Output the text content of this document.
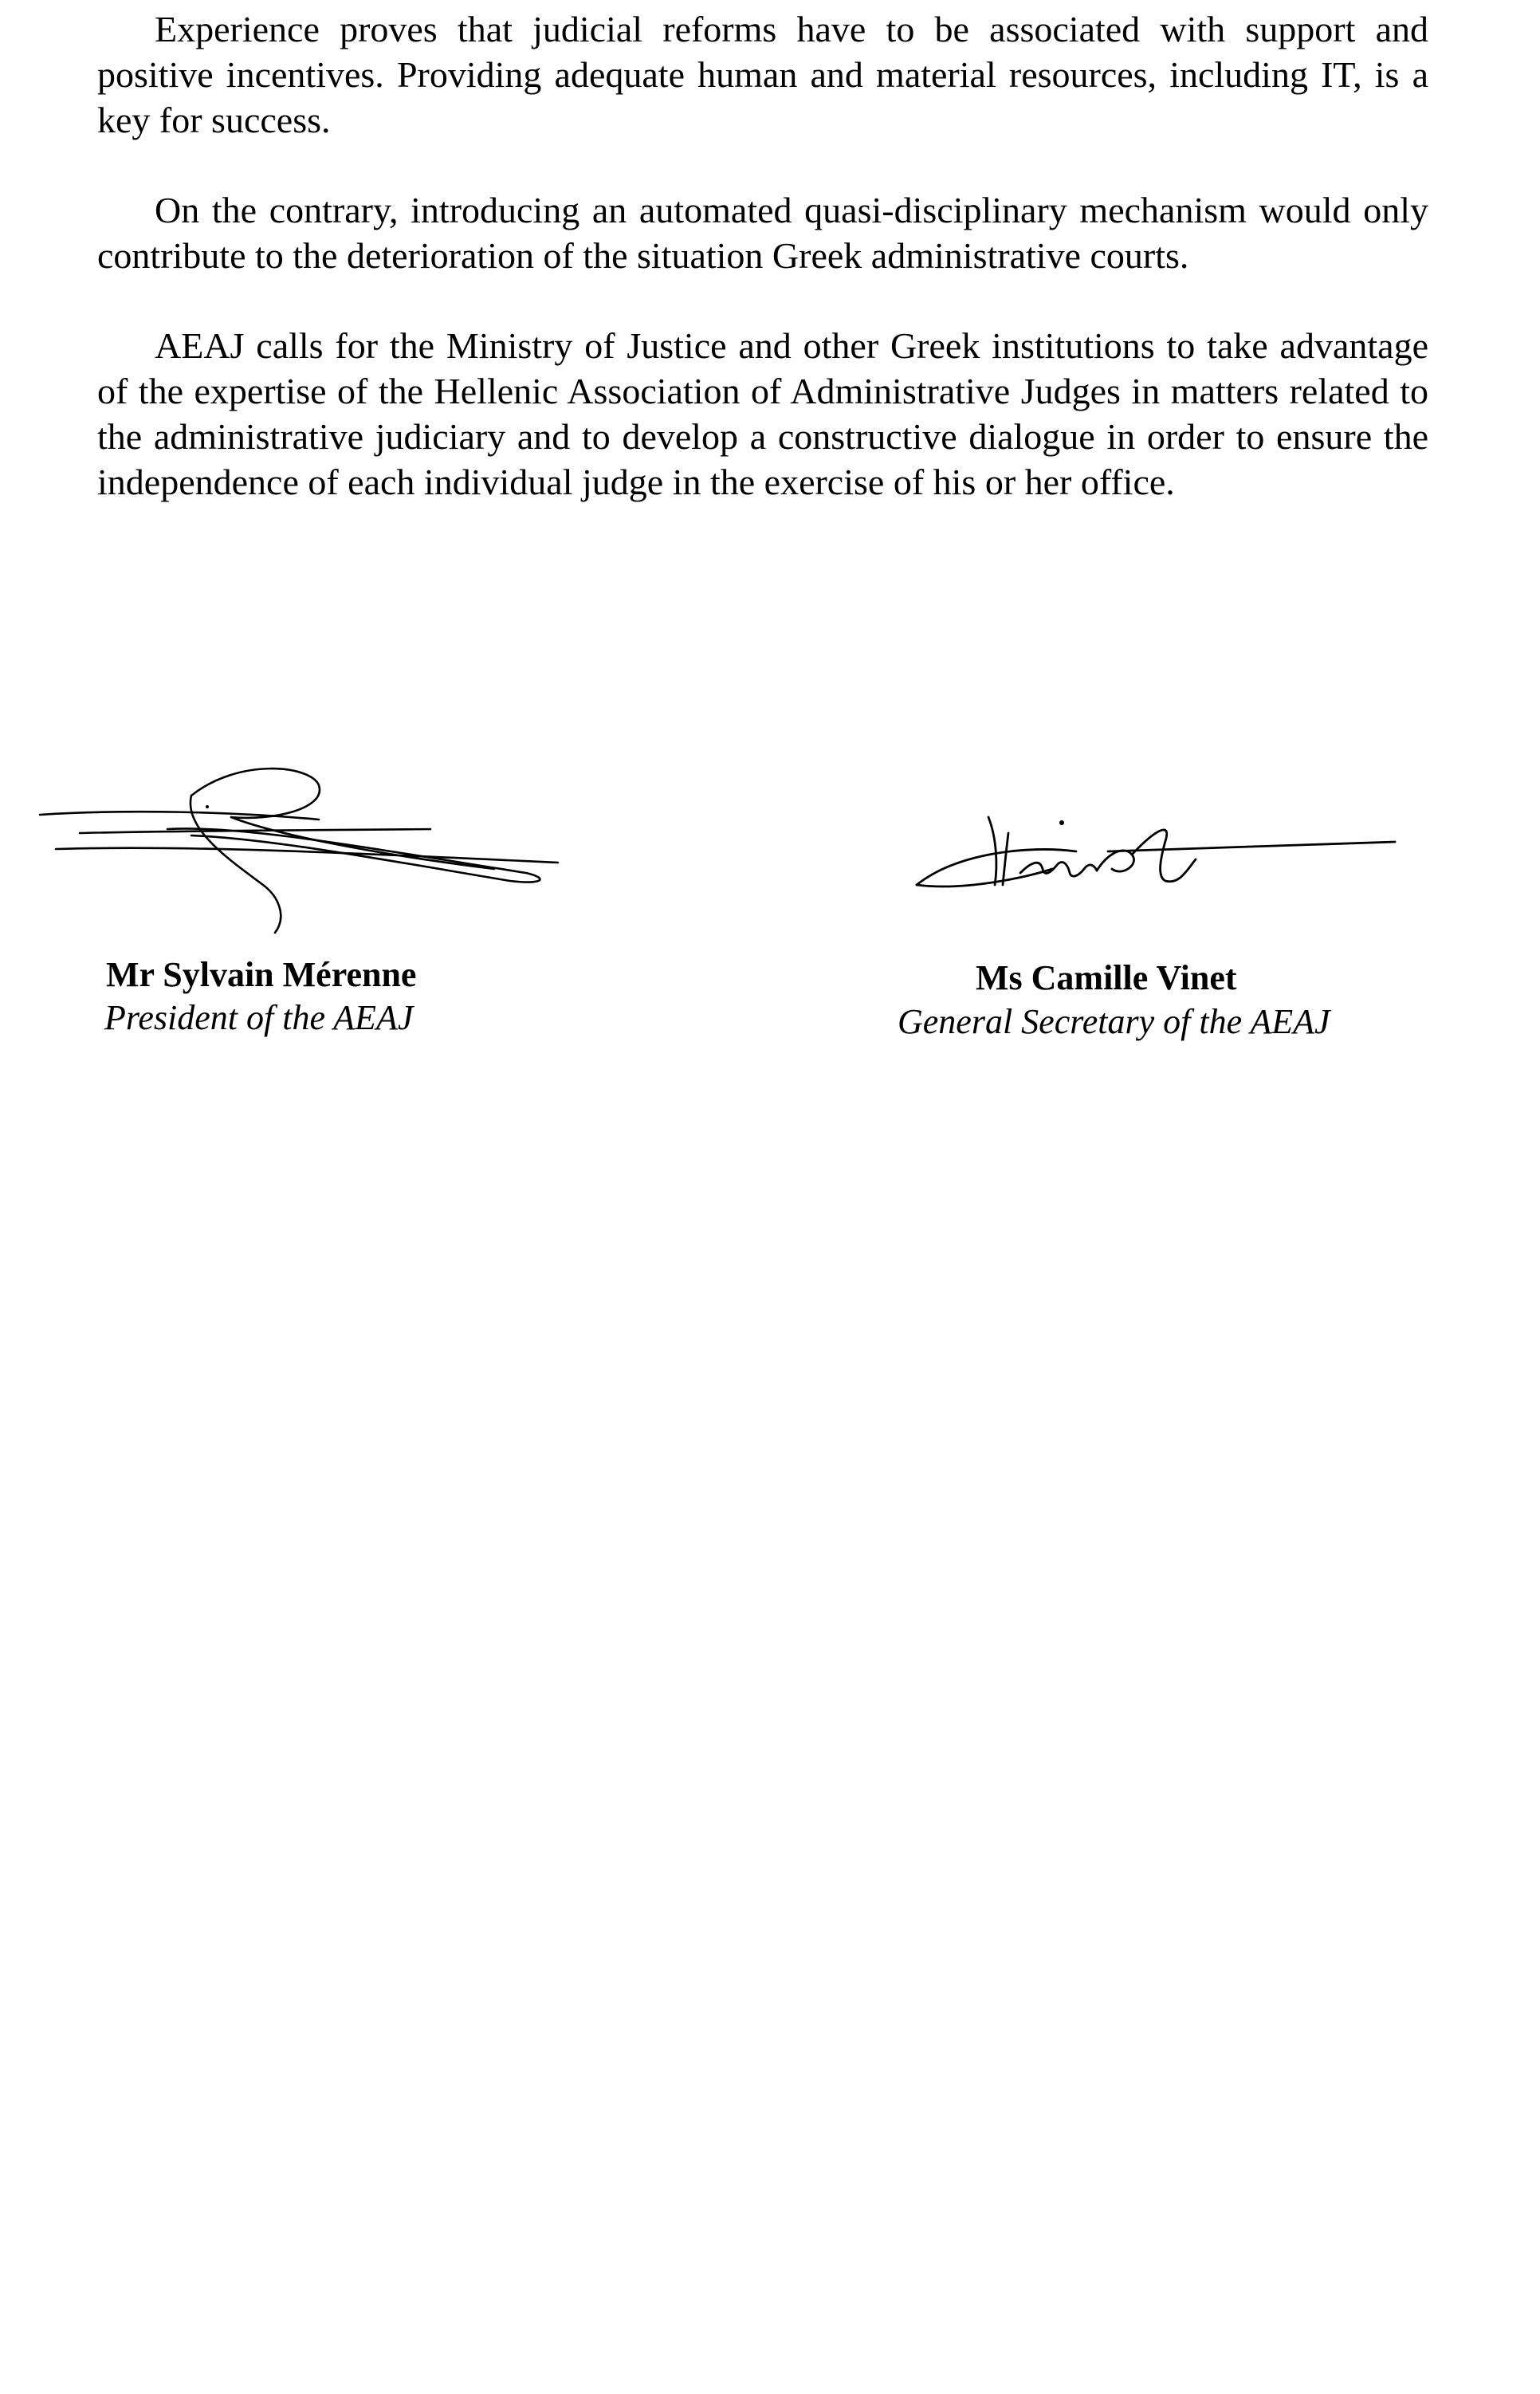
Experience proves that judicial reforms have to be associated with support and positive incentives. Providing adequate human and material resources, including IT, is a key for success.

On the contrary, introducing an automated quasi-disciplinary mechanism would only contribute to the deterioration of the situation Greek administrative courts.

AEAJ calls for the Ministry of Justice and other Greek institutions to take advantage of the expertise of the Hellenic Association of Administrative Judges in matters related to the administrative judiciary and to develop a constructive dialogue in order to ensure the independence of each individual judge in the exercise of his or her office.

Mr Sylvain Mérenne
President of the AEAJ
Ms Camille Vinet
General Secretary of the AEAJ
